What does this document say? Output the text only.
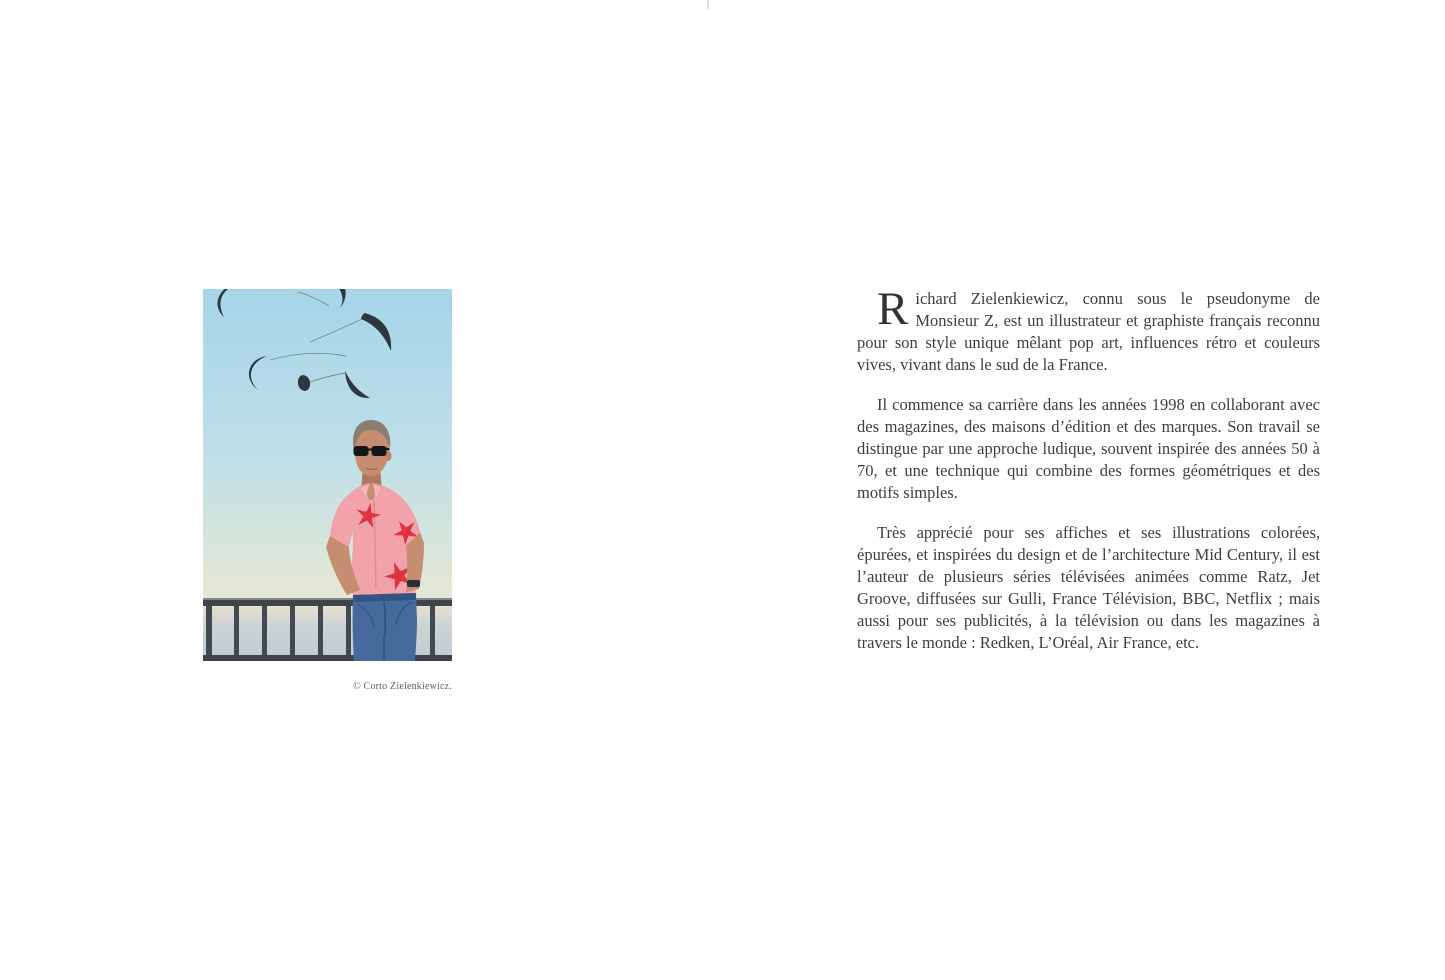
© Corto Zielenkiewicz.

Richard Zielenkiewicz, connu sous le pseudonyme de Monsieur Z, est un illustrateur et graphiste français reconnu pour son style unique mêlant pop art, influences rétro et couleurs vives, vivant dans le sud de la France.

Il commence sa carrière dans les années 1998 en collaborant avec des magazines, des maisons d’édition et des marques. Son travail se distingue par une approche ludique, souvent inspirée des années 50 à 70, et une technique qui combine des formes géométriques et des motifs simples.

Très apprécié pour ses affiches et ses illustrations colorées, épurées, et inspirées du design et de l’architecture Mid Century, il est l’auteur de plusieurs séries télévisées animées comme Ratz, Jet Groove, diffusées sur Gulli, France Télévision, BBC, Netflix ; mais aussi pour ses publicités, à la télévision ou dans les magazines à travers le monde : Redken, L’Oréal, Air France, etc.
